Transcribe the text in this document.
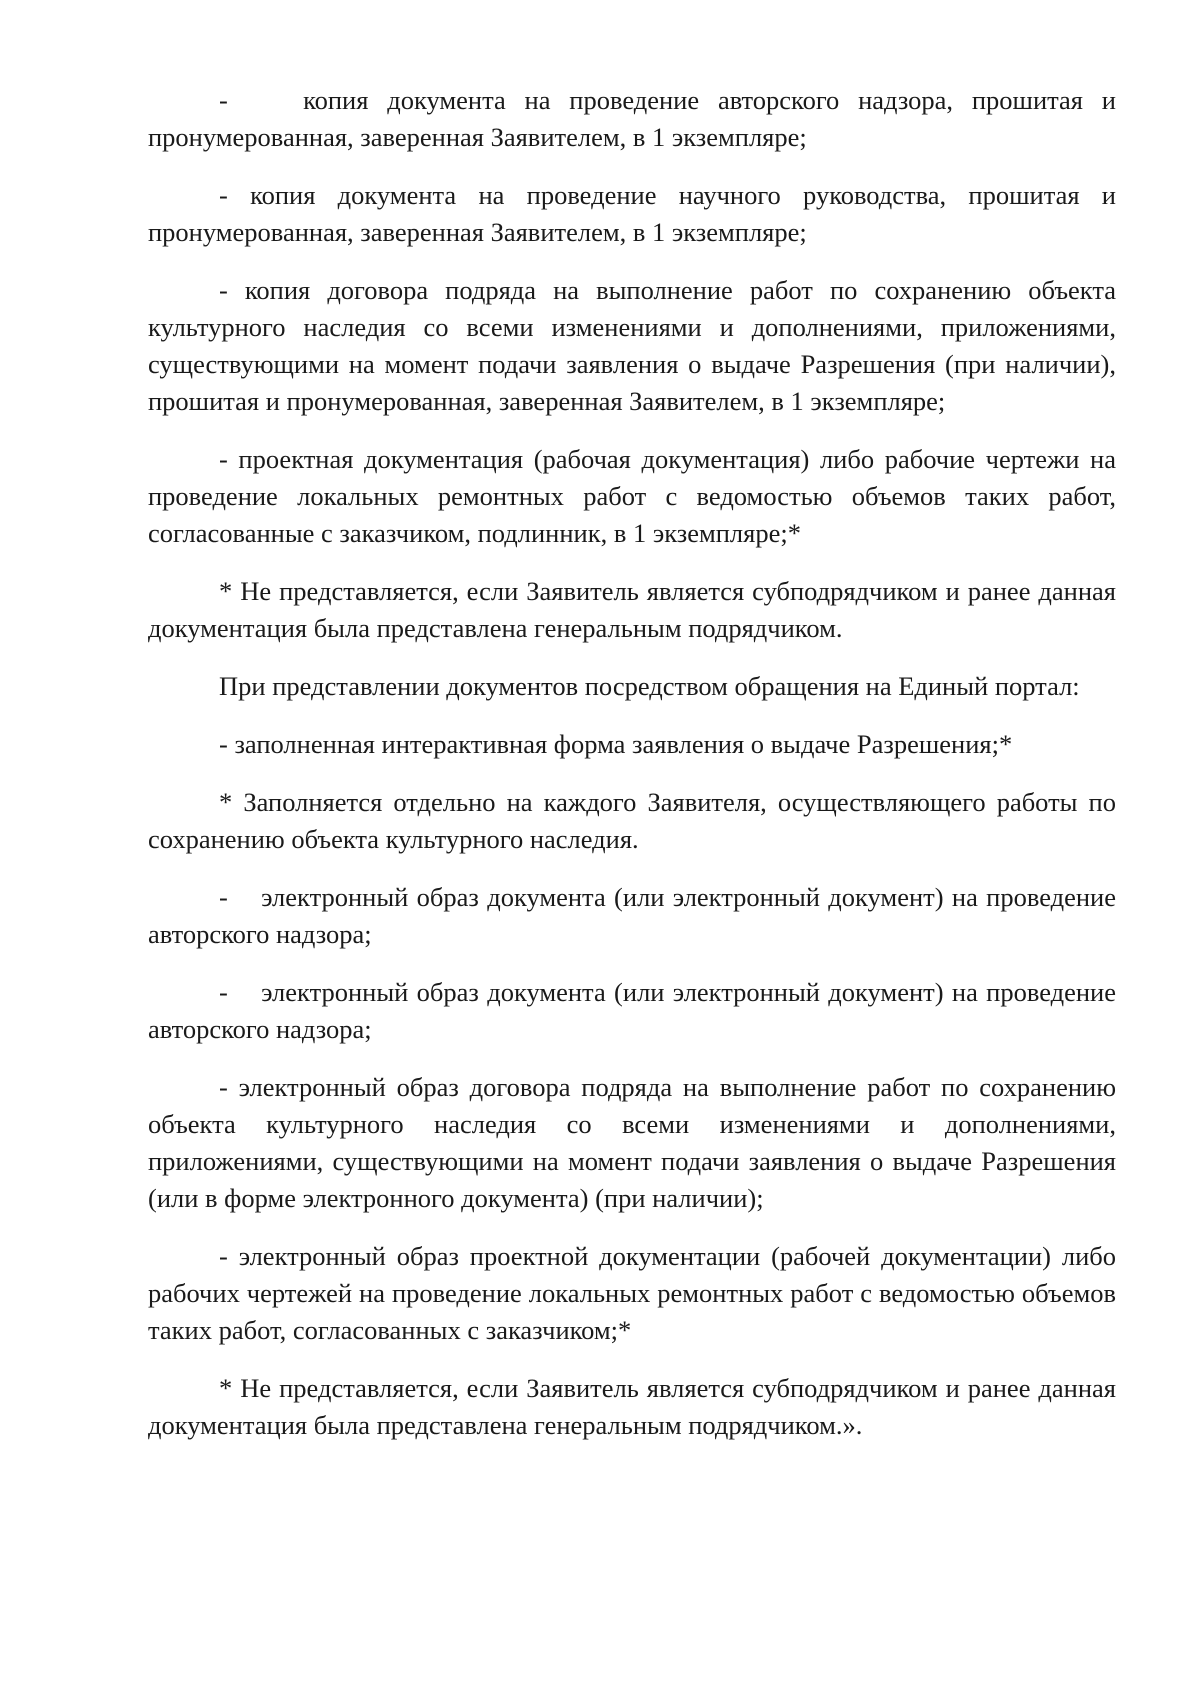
-    копия документа на проведение авторского надзора, прошитая и пронумерованная, заверенная Заявителем, в 1 экземпляре;

- копия документа на проведение научного руководства, прошитая и пронумерованная, заверенная Заявителем, в 1 экземпляре;

- копия договора подряда на выполнение работ по сохранению объекта культурного наследия со всеми изменениями и дополнениями, приложениями, существующими на момент подачи заявления о выдаче Разрешения (при наличии), прошитая и пронумерованная, заверенная Заявителем, в 1 экземпляре;

- проектная документация (рабочая документация) либо рабочие чертежи на проведение локальных ремонтных работ с ведомостью объемов таких работ, согласованные с заказчиком, подлинник, в 1 экземпляре;*

* Не представляется, если Заявитель является субподрядчиком и ранее данная документация была представлена генеральным подрядчиком.

При представлении документов посредством обращения на Единый портал:

- заполненная интерактивная форма заявления о выдаче Разрешения;*

* Заполняется отдельно на каждого Заявителя, осуществляющего работы по сохранению объекта культурного наследия.

-    электронный образ документа (или электронный документ) на проведение авторского надзора;

-    электронный образ документа (или электронный документ) на проведение авторского надзора;

- электронный образ договора подряда на выполнение работ по сохранению объекта культурного наследия со всеми изменениями и дополнениями, приложениями, существующими на момент подачи заявления о выдаче Разрешения (или в форме электронного документа) (при наличии);

- электронный образ проектной документации (рабочей документации) либо рабочих чертежей на проведение локальных ремонтных работ с ведомостью объемов таких работ, согласованных с заказчиком;*

* Не представляется, если Заявитель является субподрядчиком и ранее данная документация была представлена генеральным подрядчиком.».
